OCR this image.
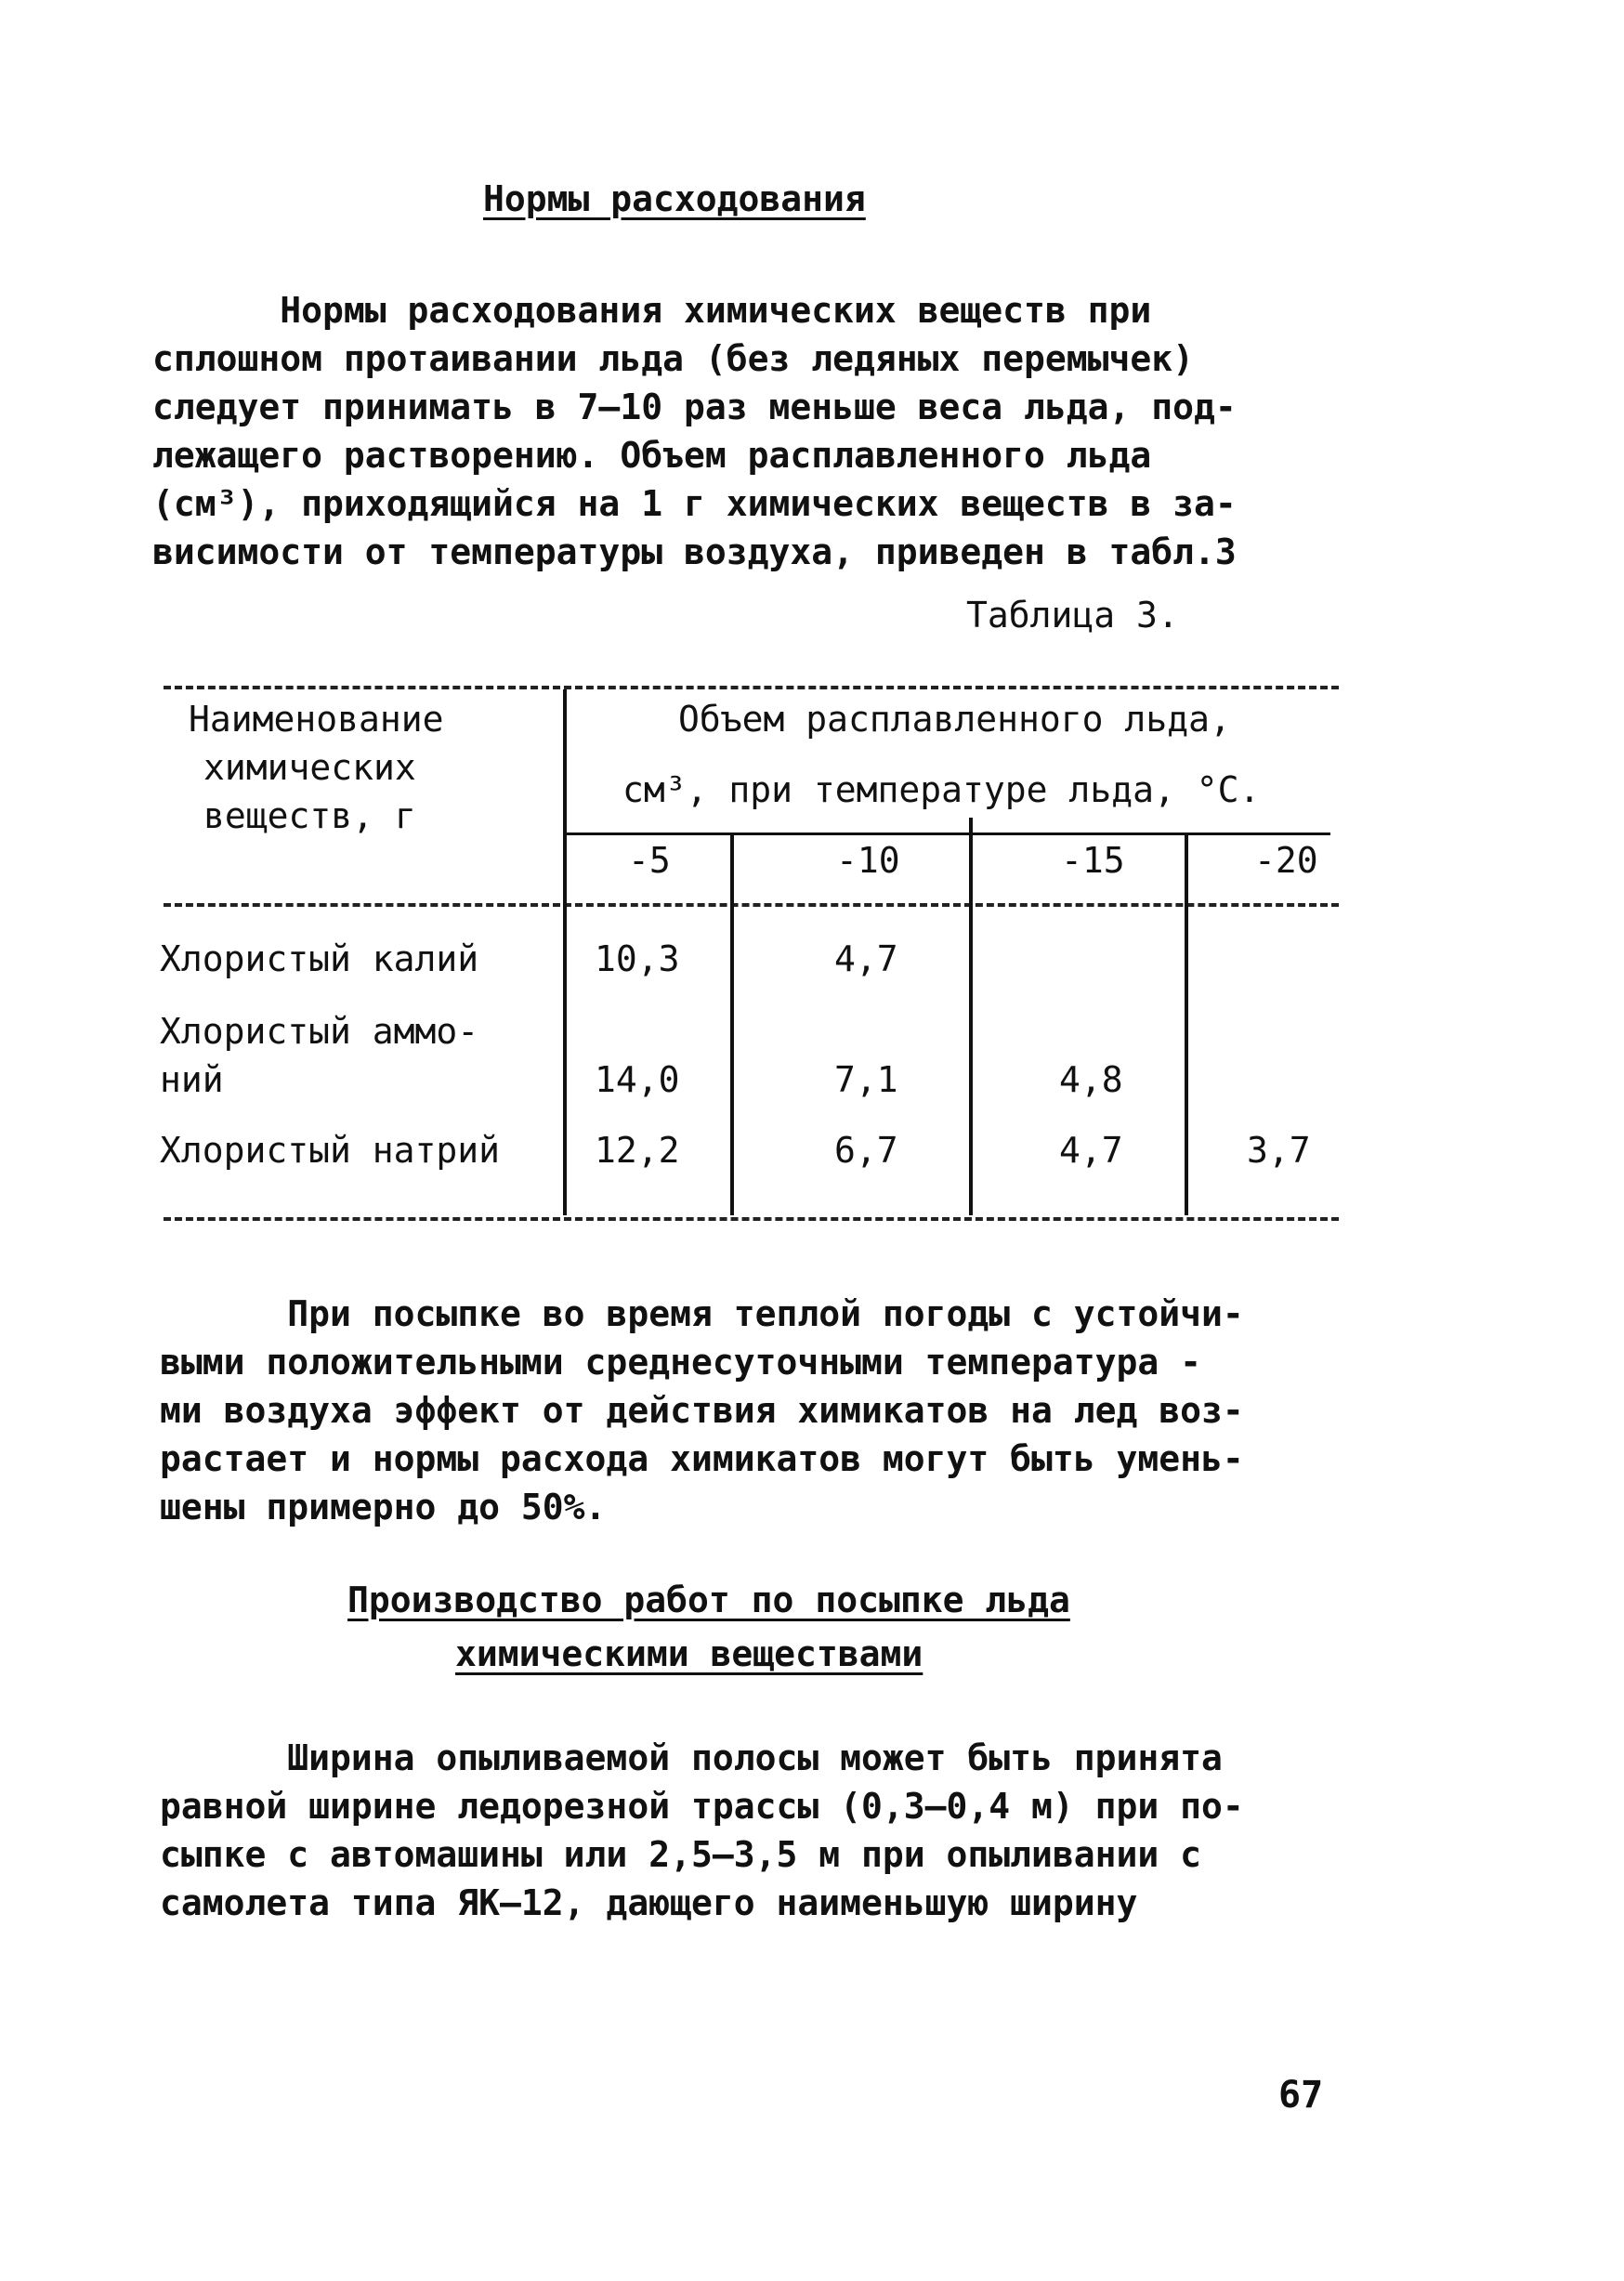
Нормы расходования
Нормы расходования химических веществ при
сплошном протаивании льда (без ледяных перемычек)
следует принимать в 7–10 раз меньше веса льда, под-
лежащего растворению. Объем расплавленного льда
(см³), приходящийся на 1 г химических веществ в за-
висимости от температуры воздуха, приведен в табл.3
Таблица 3.
Наименование
химических
веществ, г
Объем расплавленного льда,
см³, при температуре льда, °С.
-5	-10	-15	-20
Хлористый калий	10,3	4,7
Хлористый аммо-
ний	14,0	7,1	4,8
Хлористый натрий	12,2	6,7	4,7	3,7
При посыпке во время теплой погоды с устойчи-
выми положительными среднесуточными температура -
ми воздуха эффект от действия химикатов на лед воз-
растает и нормы расхода химикатов могут быть умень-
шены примерно до 50%.
Производство работ по посыпке льда
химическими веществами
Ширина опыливаемой полосы может быть принята
равной ширине ледорезной трассы (0,3–0,4 м) при по-
сыпке с автомашины или 2,5–3,5 м при опыливании с
самолета типа ЯК–12, дающего наименьшую ширину
67
